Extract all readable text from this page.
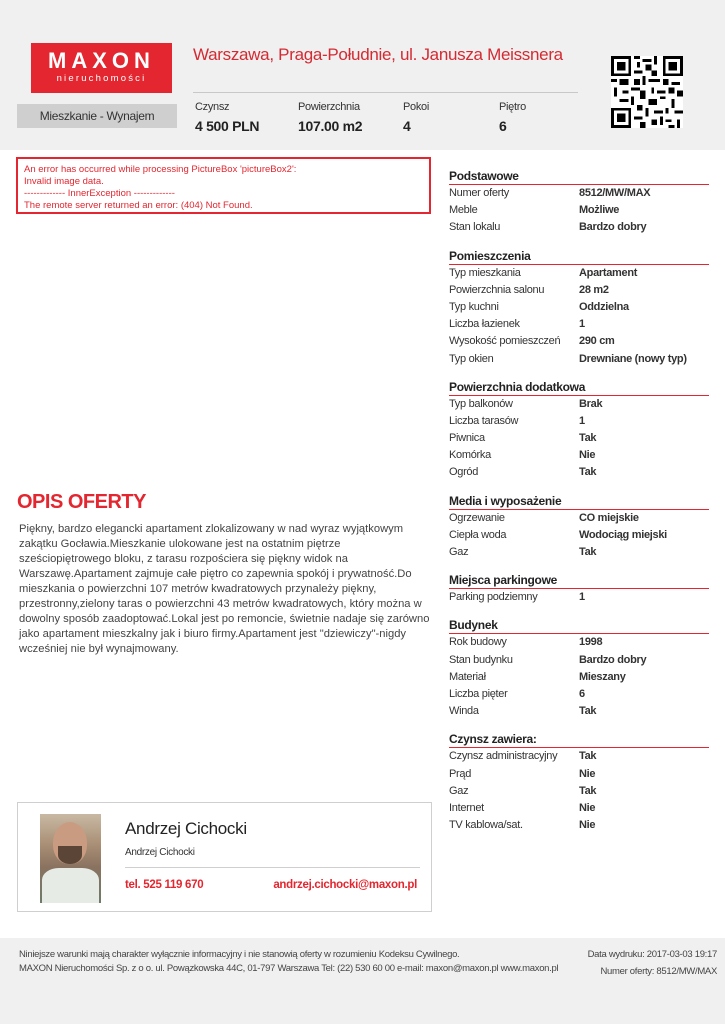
MAXON
nieruchomości
Warszawa, Praga-Południe, ul. Janusza Meissnera
Mieszkanie - Wynajem
Czynsz
4 500 PLN
Powierzchnia
107.00 m2
Pokoi
4
Piętro
6
An error has occurred while processing PictureBox 'pictureBox2':
Invalid image data.
------------- InnerException -------------
The remote server returned an error: (404) Not Found.
OPIS OFERTY
Piękny, bardzo elegancki apartament zlokalizowany w nad wyraz wyjątkowym zakątku Gocławia.Mieszkanie ulokowane jest na ostatnim piętrze sześciopiętrowego bloku, z tarasu rozpościera się piękny widok na Warszawę.Apartament zajmuje całe piętro co zapewnia spokój i prywatność.Do mieszkania o powierzchni 107 metrów kwadratowych przynależy piękny, przestronny,zielony taras o powierzchni 43 metrów kwadratowych, który można w dowolny sposób zaadoptować.Lokal jest po remoncie, świetnie nadaje się zarówno jako apartament mieszkalny jak i biuro firmy.Apartament jest "dziewiczy"-nigdy wcześniej nie był wynajmowany.
Andrzej Cichocki
Andrzej Cichocki
tel. 525 119 670	andrzej.cichocki@maxon.pl
Podstawowe
Numer oferty	8512/MW/MAX
Meble	Możliwe
Stan lokalu	Bardzo dobry
Pomieszczenia
Typ mieszkania	Apartament
Powierzchnia salonu	28 m2
Typ kuchni	Oddzielna
Liczba łazienek	1
Wysokość pomieszczeń	290 cm
Typ okien	Drewniane (nowy typ)
Powierzchnia dodatkowa
Typ balkonów	Brak
Liczba tarasów	1
Piwnica	Tak
Komórka	Nie
Ogród	Tak
Media i wyposażenie
Ogrzewanie	CO miejskie
Ciepła woda	Wodociąg miejski
Gaz	Tak
Miejsca parkingowe
Parking podziemny	1
Budynek
Rok budowy	1998
Stan budynku	Bardzo dobry
Materiał	Mieszany
Liczba pięter	6
Winda	Tak
Czynsz zawiera:
Czynsz administracyjny	Tak
Prąd	Nie
Gaz	Tak
Internet	Nie
TV kablowa/sat.	Nie
Niniejsze warunki mają charakter wyłącznie informacyjny i nie stanowią oferty w rozumieniu Kodeksu Cywilnego.
MAXON Nieruchomości Sp. z o o. ul. Powązkowska 44C, 01-797 Warszawa Tel: (22) 530 60 00 e-mail: maxon@maxon.pl www.maxon.pl
Data wydruku: 2017-03-03 19:17
Numer oferty: 8512/MW/MAX
